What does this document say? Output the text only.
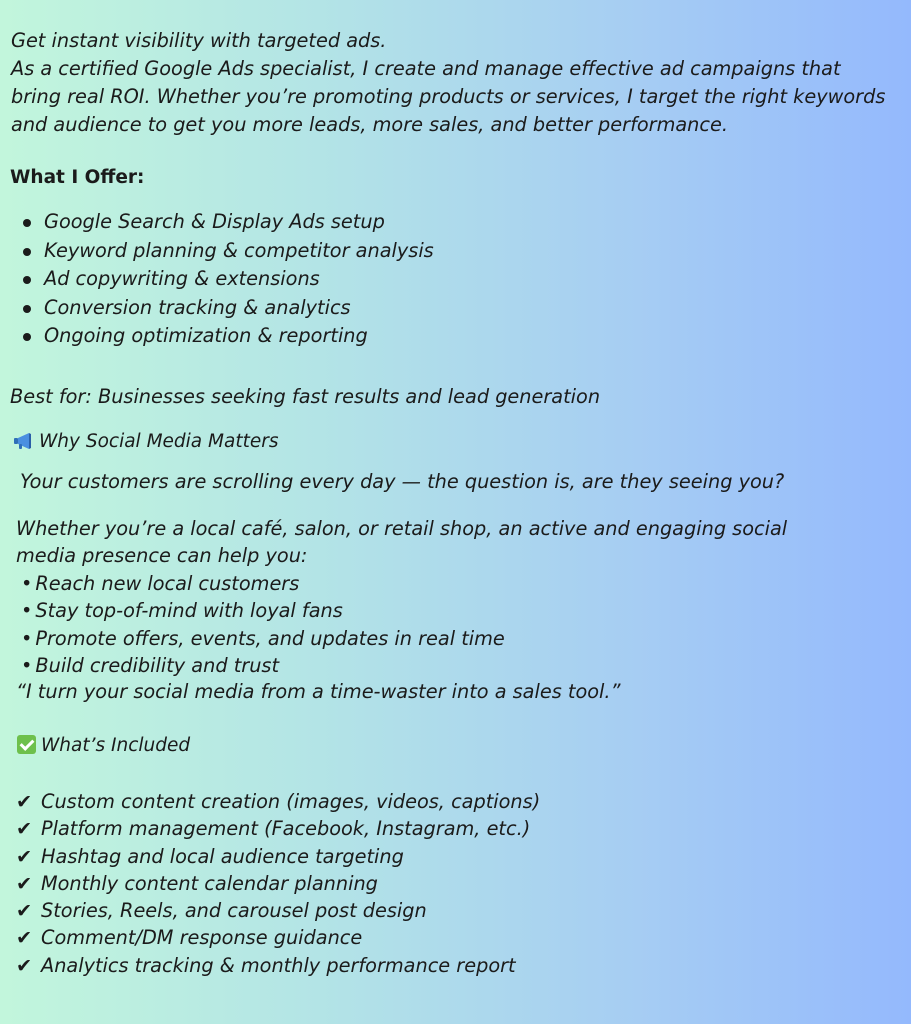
Get instant visibility with targeted ads.
As a certified Google Ads specialist, I create and manage effective ad campaigns that
bring real ROI. Whether you’re promoting products or services, I target the right keywords
and audience to get you more leads, more sales, and better performance.
What I Offer:
Google Search & Display Ads setup
Keyword planning & competitor analysis
Ad copywriting & extensions
Conversion tracking & analytics
Ongoing optimization & reporting

Best for: Businesses seeking fast results and lead generation

Why Social Media Matters

Your customers are scrolling every day — the question is, are they seeing you?

Whether you’re a local café, salon, or retail shop, an active and engaging social
media presence can help you:
• Reach new local customers
• Stay top-of-mind with loyal fans
• Promote offers, events, and updates in real time
• Build credibility and trust

“I turn your social media from a time-waster into a sales tool.”

What’s Included
✔ Custom content creation (images, videos, captions)
✔ Platform management (Facebook, Instagram, etc.)
✔ Hashtag and local audience targeting
✔ Monthly content calendar planning
✔ Stories, Reels, and carousel post design
✔ Comment/DM response guidance
✔ Analytics tracking & monthly performance report
